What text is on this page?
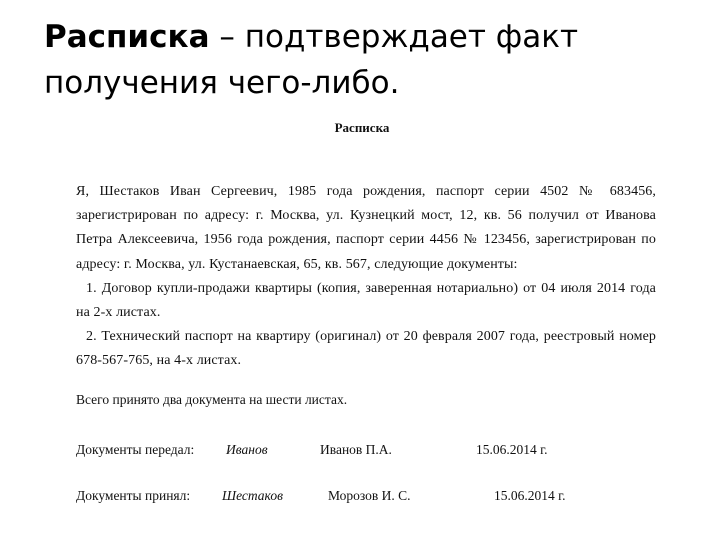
Расписка – подтверждает факт получения чего-либо.
Расписка

Я, Шестаков Иван Сергеевич, 1985 года рождения, паспорт серии 4502 № 683456, зарегистрирован по адресу: г. Москва, ул. Кузнецкий мост, 12, кв. 56 получил от Иванова Петра Алексеевича, 1956 года рождения, паспорт серии 4456 № 123456, зарегистрирован по адресу: г. Москва, ул. Кустанаевская, 65, кв. 567, следующие документы:

1. Договор купли-продажи квартиры (копия, заверенная нотариально) от 04 июля 2014 года на 2-х листах.

2. Технический паспорт на квартиру (оригинал) от 20 февраля 2007 года, реестровый номер 678-567-765, на 4-х листах.

Всего принято два документа на шести листах.
Документы передал: Иванов	Иванов П.А.	15.06.2014 г.
Документы принял: Шестаков	Морозов И. С.	15.06.2014 г.
